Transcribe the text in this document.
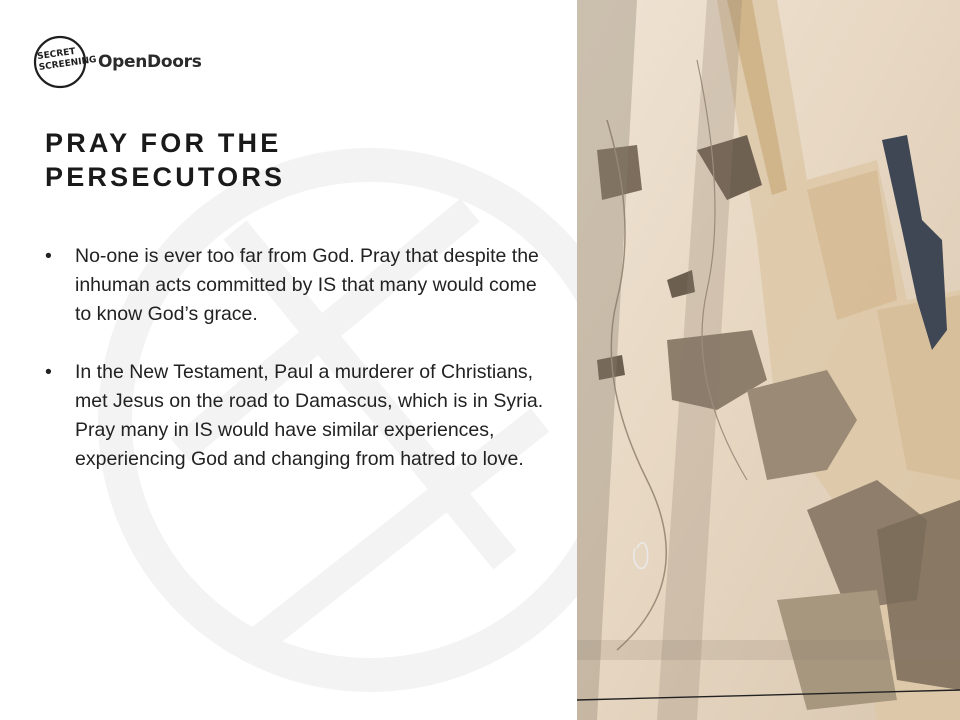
SECRET SCREENING OpenDoors
PRAY FOR THE PERSECUTORS
• No-one is ever too far from God. Pray that despite the inhuman acts committed by IS that many would come to know God’s grace.
• In the New Testament, Paul a murderer of Christians, met Jesus on the road to Damascus, which is in Syria. Pray many in IS would have similar experiences, experiencing God and changing from hatred to love.
